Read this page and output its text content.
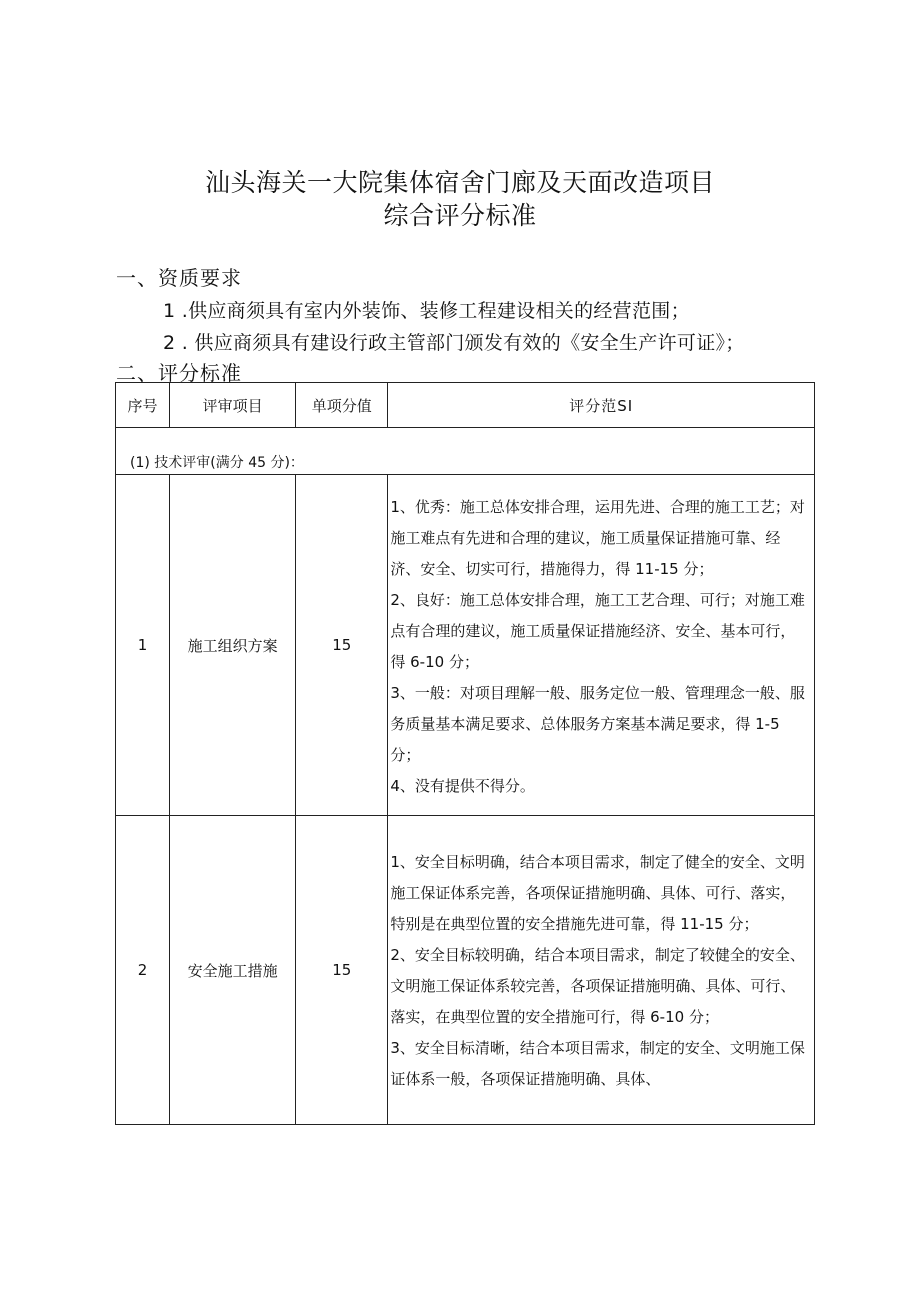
汕头海关一大院集体宿舍门廊及天面改造项目
综合评分标准
一、资质要求
1 .供应商须具有室内外装饰、装修工程建设相关的经营范围；
2 . 供应商须具有建设行政主管部门颁发有效的《安全生产许可证》；
二、评分标准
序号	评审项目	单项分值	评分范SI
(1) 技术评审(满分 45 分)：			
1	施工组织方案	15	1、优秀：施工总体安排合理，运用先进、合理的施工工艺；对施工难点有先进和合理的建议，施工质量保证措施可靠、经济、安全、切实可行，措施得力，得 11-15 分；
2、良好：施工总体安排合理，施工工艺合理、可行；对施工难点有合理的建议，施工质量保证措施经济、安全、基本可行，得 6-10 分；
3、一般：对项目理解一般、服务定位一般、管理理念一般、服务质量基本满足要求、总体服务方案基本满足要求，得 1-5 分；
4、没有提供不得分。

2	安全施工措施	15	1、安全目标明确，结合本项目需求，制定了健全的安全、文明施工保证体系完善，各项保证措施明确、具体、可行、落实，特别是在典型位置的安全措施先进可靠，得 11-15 分；
2、安全目标较明确，结合本项目需求，制定了较健全的安全、文明施工保证体系较完善，各项保证措施明确、具体、可行、落实，在典型位置的安全措施可行，得 6-10 分；
3、安全目标清晰，结合本项目需求，制定的安全、文明施工保证体系一般，各项保证措施明确、具体、
